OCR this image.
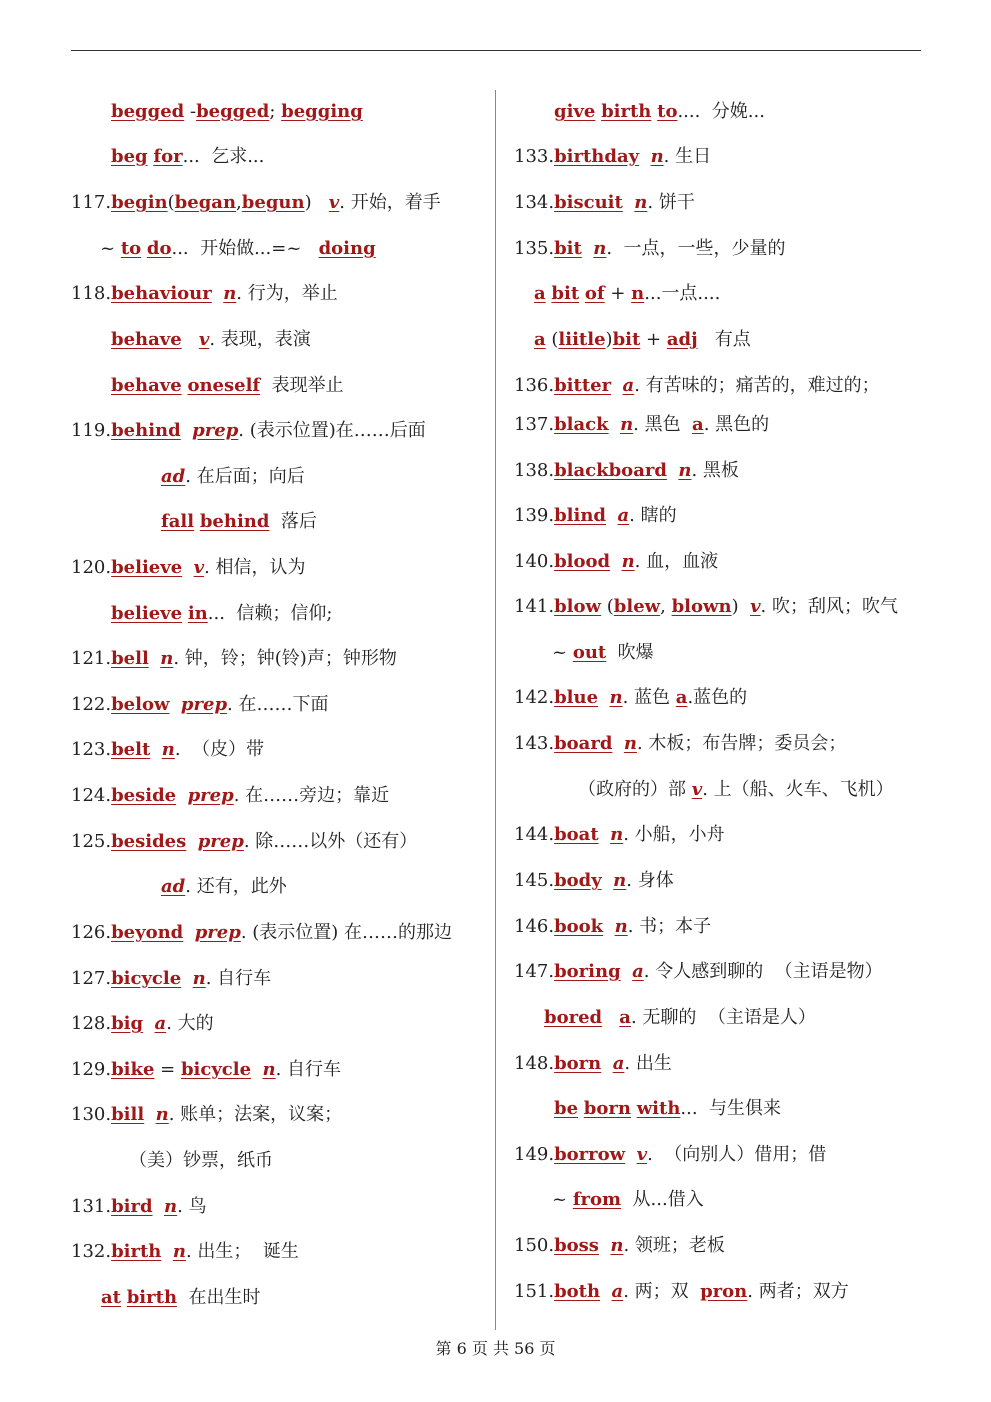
begged -begged; begging
beg for...  乞求...
117.begin(began,begun)   v. 开始，着手
~ to do...  开始做...=~   doing
118.behaviour n. 行为，举止
behave v. 表现，表演
behave oneself  表现举止
119.behind prep. (表示位置)在……后面
ad. 在后面；向后
fall behind  落后
120.believe v. 相信，认为
believe in...  信赖；信仰;
121.bell n. 钟，铃；钟(铃)声；钟形物
122.below prep. 在……下面
123.belt n.  （皮）带
124.beside prep. 在……旁边；靠近
125.besides prep. 除……以外（还有）
ad. 还有，此外
126.beyond prep. (表示位置) 在……的那边
127.bicycle n. 自行车
128.big a. 大的
129.bike = bicycle n. 自行车
130.bill n. 账单；法案，议案；
（美）钞票，纸币
131.bird n. 鸟
132.birth n. 出生；  诞生
at birth  在出生时
give birth to....  分娩...
133.birthday n. 生日
134.biscuit n. 饼干
135.bit n.  一点，一些，少量的
a bit of + n...一点....
a (liitle)bit + adj   有点
136.bitter a. 有苦味的；痛苦的，难过的；
137.black n. 黑色  a. 黑色的
138.blackboard n. 黑板
139.blind a. 瞎的
140.blood n. 血，血液
141.blow (blew, blown)  v. 吹；刮风；吹气
~ out  吹爆
142.blue n. 蓝色 a.蓝色的
143.board n. 木板；布告牌；委员会；
（政府的）部 v. 上（船、火车、飞机）
144.boat n. 小船，小舟
145.body n. 身体
146.book n. 书；本子
147.boring a. 令人感到聊的  （主语是物）
bored a. 无聊的  （主语是人）
148.born a. 出生
be born with...  与生俱来
149.borrow v.  （向别人）借用；借
~ from  从...借入
150.boss n. 领班；老板
151.both a. 两；双  pron. 两者；双方
第 6 页 共 56 页
